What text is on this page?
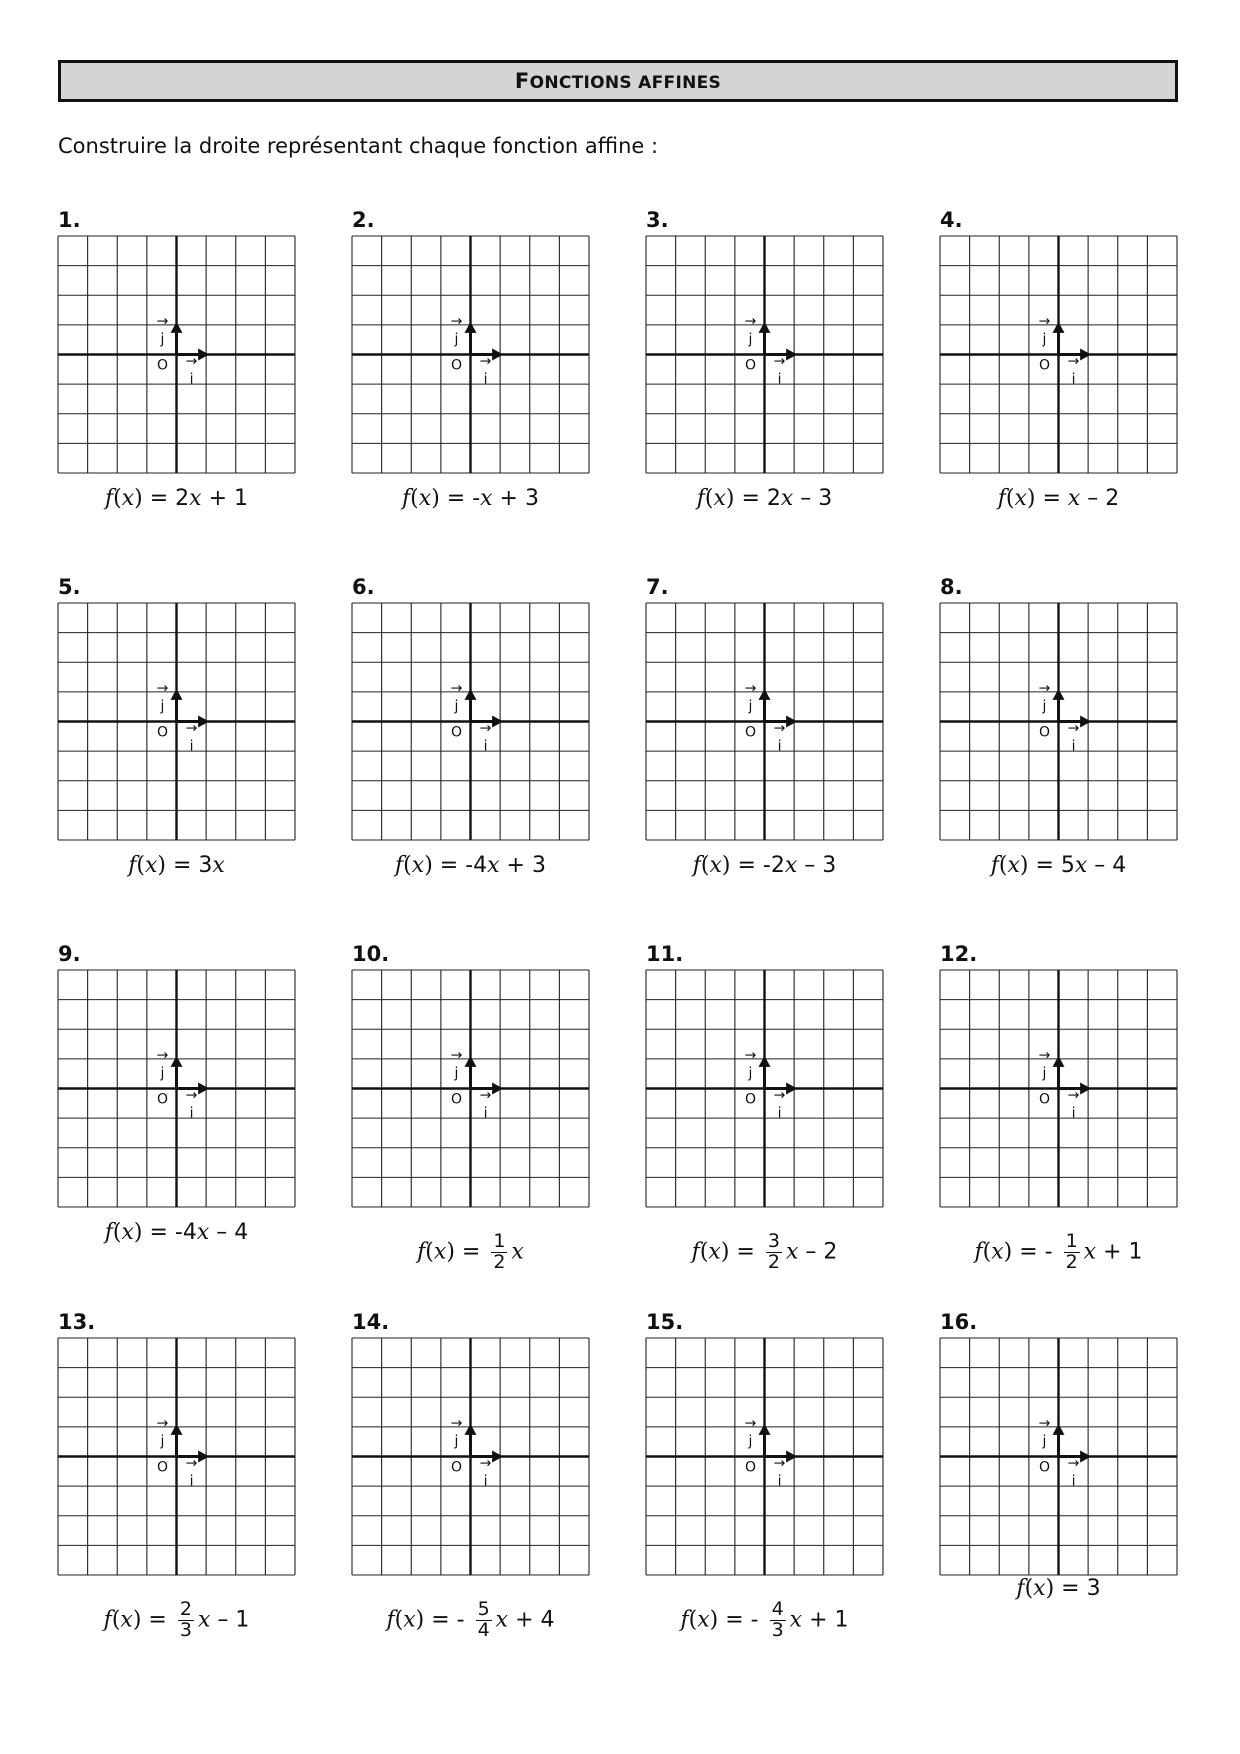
FONCTIONS AFFINES
Construire la droite représentant chaque fonction affine :
1.
O
j
→
i
→
f(x) = 2x + 1
2.
O
j
→
i
→
f(x) = -x + 3
3.
O
j
→
i
→
f(x) = 2x – 3
4.
O
j
→
i
→
f(x) = x – 2
5.
O
j
→
i
→
f(x) = 3x
6.
O
j
→
i
→
f(x) = -4x + 3
7.
O
j
→
i
→
f(x) = -2x – 3
8.
O
j
→
i
→
f(x) = 5x – 4
9.
O
j
→
i
→
f(x) = -4x – 4
10.
O
j
→
i
→
$f(x) = \frac{1}{2}$ x
11.
O
j
→
i
→
$f(x) = \frac{3}{2}$ x – 2
12.
O
j
→
i
→
f(x) = - $\frac{1}{2}$ x + 1
13.
O
j
→
i
→
$f(x) = \frac{2}{3}$ x – 1
14.
O
j
→
i
→
f(x) = - $\frac{5}{4}$ x + 4
15.
O
j
→
i
→
f(x) = - $\frac{4}{3}$ x + 1
16.
O
j
→
i
→
f(x) = 3
